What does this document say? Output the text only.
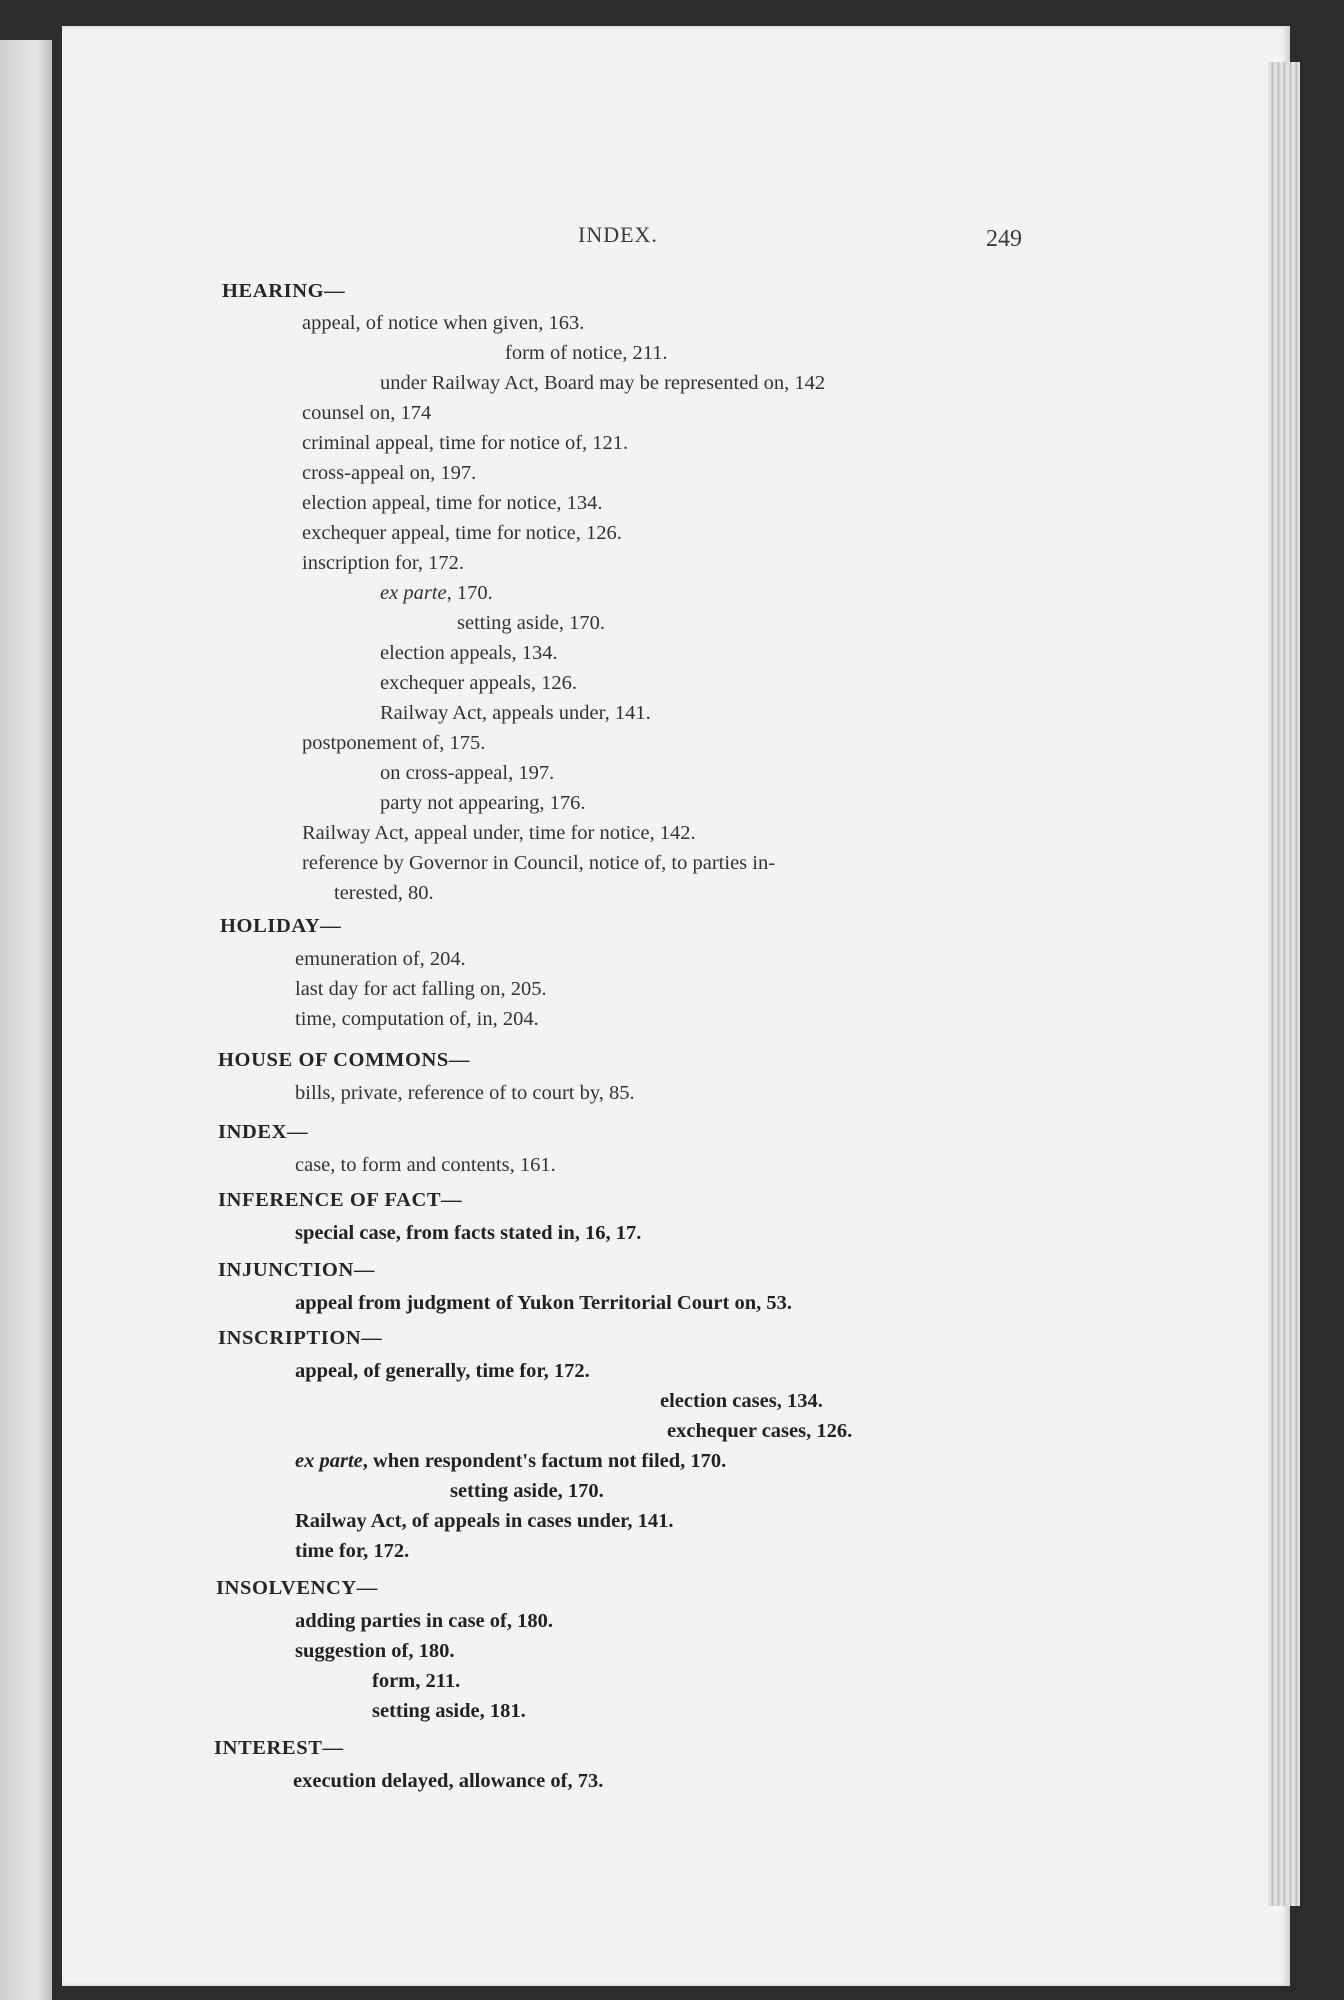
INDEX.	249
HEARING—
appeal, of notice when given, 163.
form of notice, 211.
under Railway Act, Board may be represented on, 142
counsel on, 174
criminal appeal, time for notice of, 121.
cross-appeal on, 197.
election appeal, time for notice, 134.
exchequer appeal, time for notice, 126.
inscription for, 172.
ex parte, 170.
setting aside, 170.
election appeals, 134.
exchequer appeals, 126.
Railway Act, appeals under, 141.
postponement of, 175.
on cross-appeal, 197.
party not appearing, 176.
Railway Act, appeal under, time for notice, 142.
reference by Governor in Council, notice of, to parties in-
terested, 80.
HOLIDAY—
emuneration of, 204.
last day for act falling on, 205.
time, computation of, in, 204.
HOUSE OF COMMONS—
bills, private, reference of to court by, 85.
INDEX—
case, to form and contents, 161.
INFERENCE OF FACT—
special case, from facts stated in, 16, 17.
INJUNCTION—
appeal from judgment of Yukon Territorial Court on, 53.
INSCRIPTION—
appeal, of generally, time for, 172.
election cases, 134.
exchequer cases, 126.
ex parte, when respondent's factum not filed, 170.
setting aside, 170.
Railway Act, of appeals in cases under, 141.
time for, 172.
INSOLVENCY—
adding parties in case of, 180.
suggestion of, 180.
form, 211.
setting aside, 181.
INTEREST—
execution delayed, allowance of, 73.
